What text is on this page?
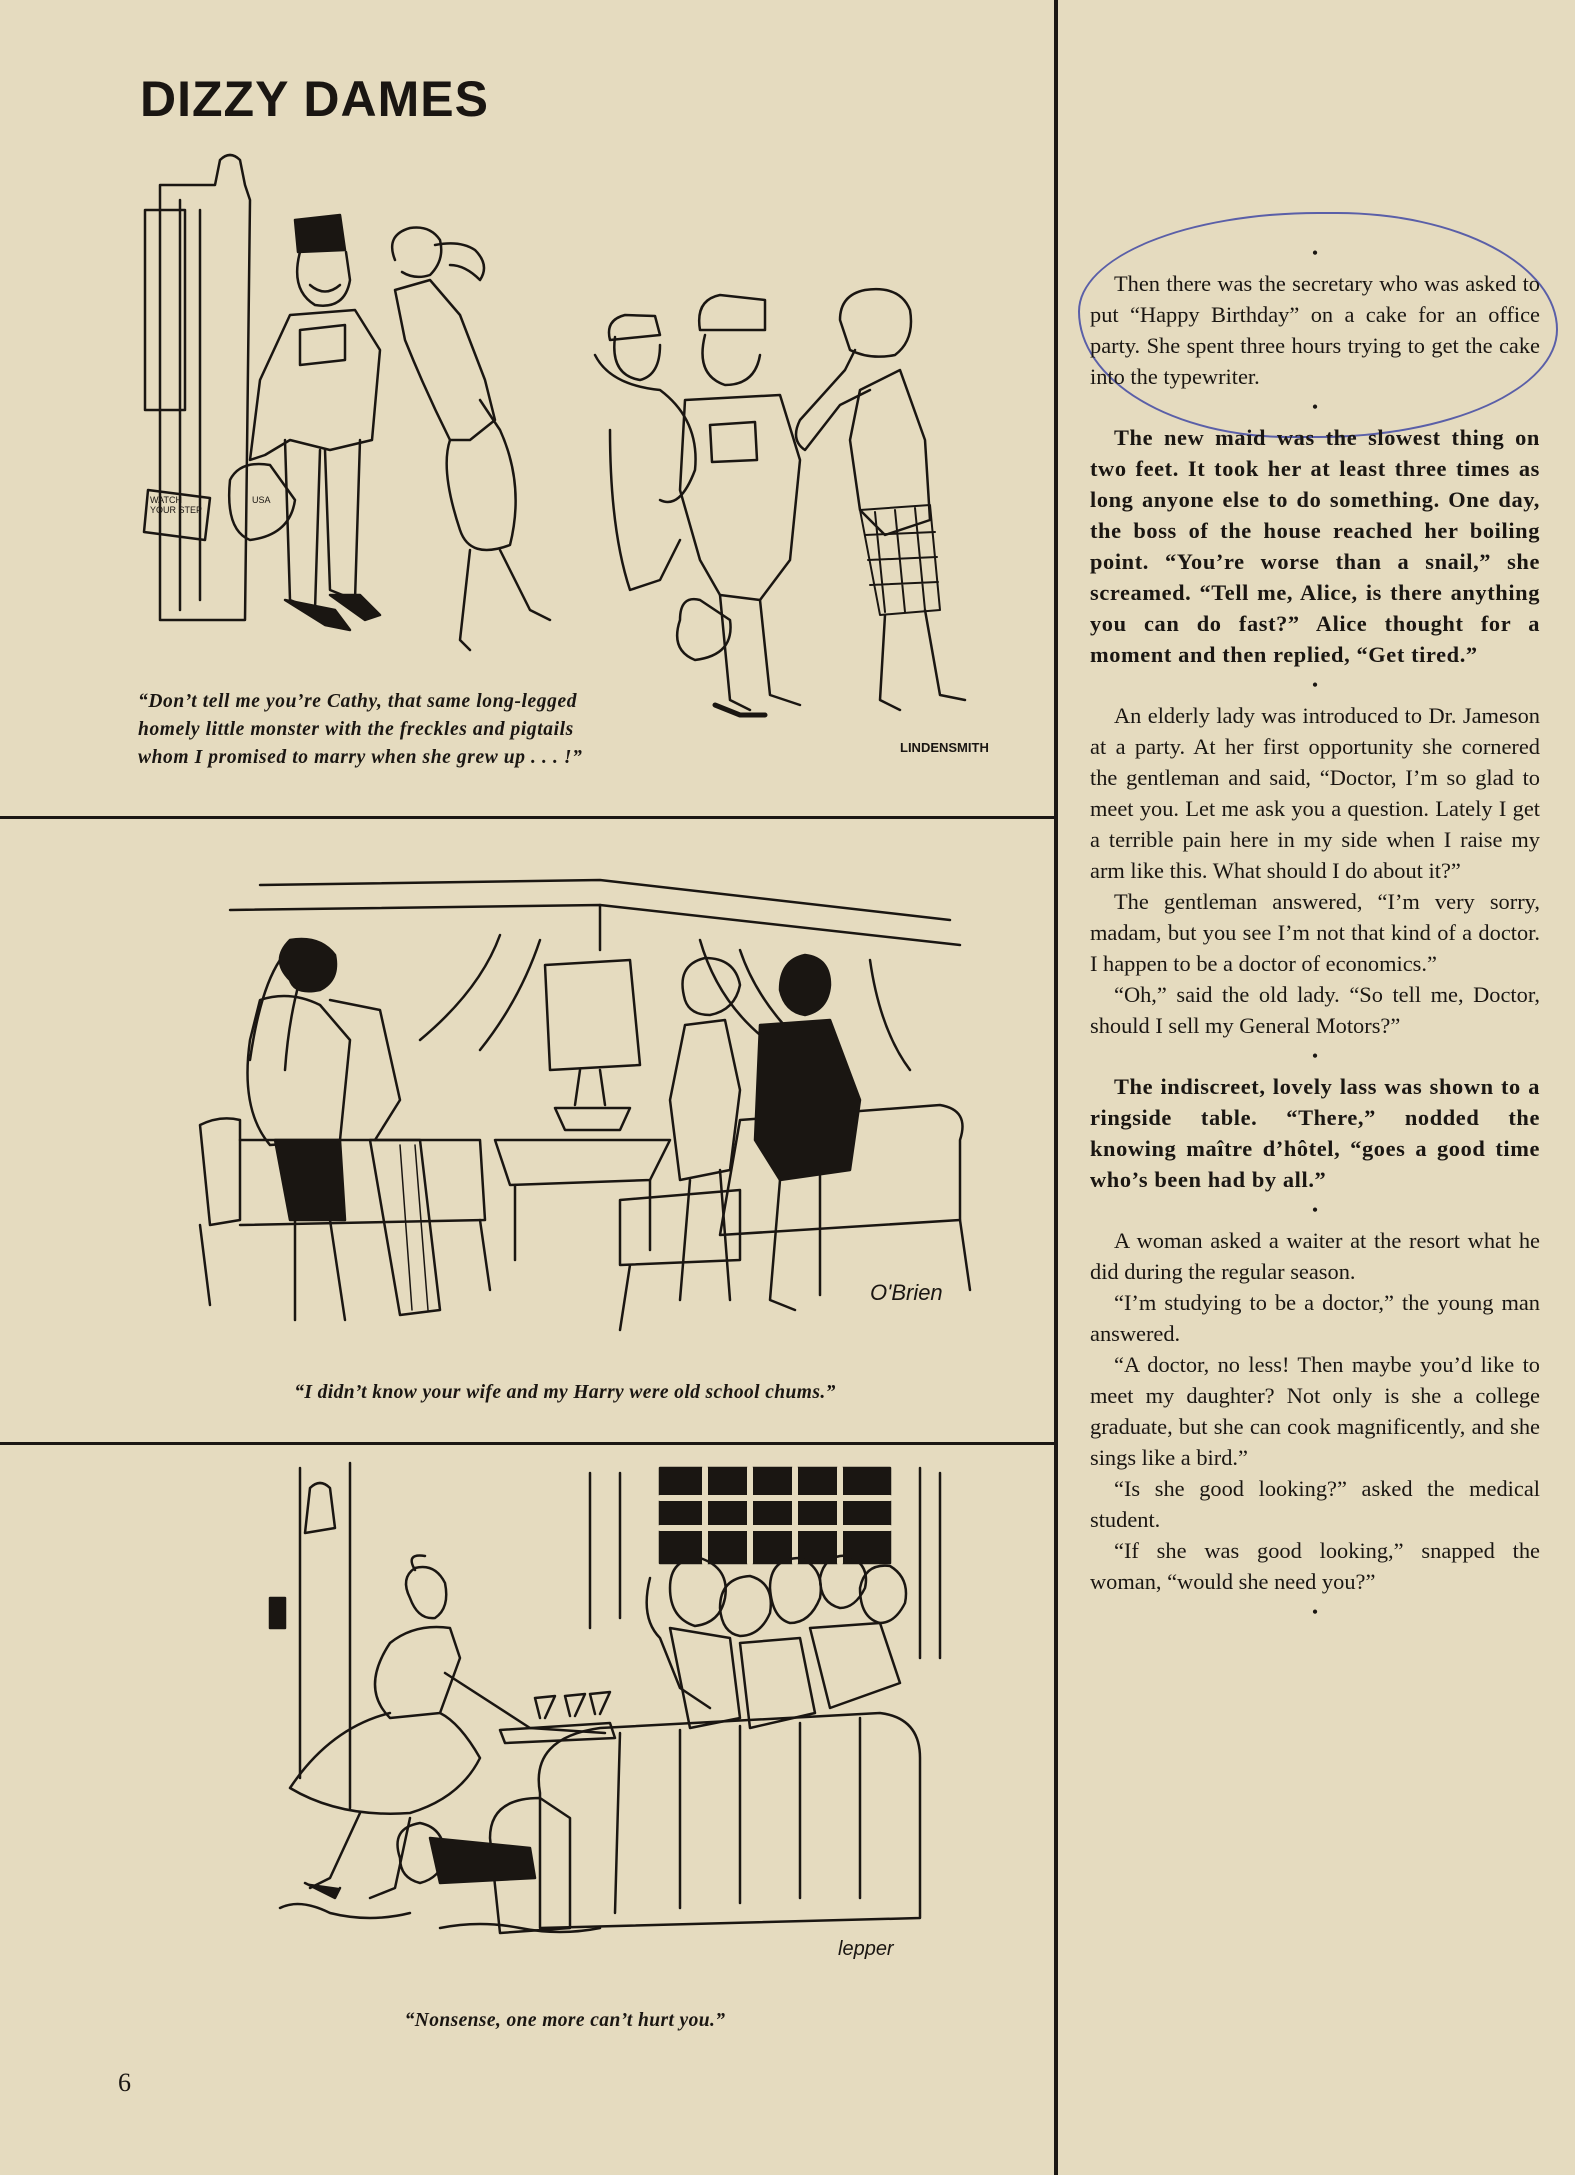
DIZZY DAMES
LINDENSMITH
WATCH YOUR STEP
USA

“Don’t tell me you’re Cathy, that same long-legged homely little monster with the freckles and pigtails whom I promised to marry when she grew up . . . !”

O'Brien

“I didn’t know your wife and my Harry were old school chums.”

lepper

“Nonsense, one more can’t hurt you.”

6
•

Then there was the secretary who was asked to put “Happy Birthday” on a cake for an office party. She spent three hours trying to get the cake into the typewriter.

•

The new maid was the slowest thing on two feet. It took her at least three times as long anyone else to do something. One day, the boss of the house reached her boiling point. “You’re worse than a snail,” she screamed. “Tell me, Alice, is there anything you can do fast?” Alice thought for a moment and then replied, “Get tired.”

•

An elderly lady was introduced to Dr. Jameson at a party. At her first opportunity she cornered the gentleman and said, “Doctor, I’m so glad to meet you. Let me ask you a question. Lately I get a terrible pain here in my side when I raise my arm like this. What should I do about it?”

The gentleman answered, “I’m very sorry, madam, but you see I’m not that kind of a doctor. I happen to be a doctor of economics.”

“Oh,” said the old lady. “So tell me, Doctor, should I sell my General Motors?”

•

The indiscreet, lovely lass was shown to a ringside table. “There,” nodded the knowing maître d’hôtel, “goes a good time who’s been had by all.”

•

A woman asked a waiter at the resort what he did during the regular season.

“I’m studying to be a doctor,” the young man answered.

“A doctor, no less! Then maybe you’d like to meet my daughter? Not only is she a college graduate, but she can cook magnificently, and she sings like a bird.”

“Is she good looking?” asked the medical student.

“If she was good looking,” snapped the woman, “would she need you?”

•
